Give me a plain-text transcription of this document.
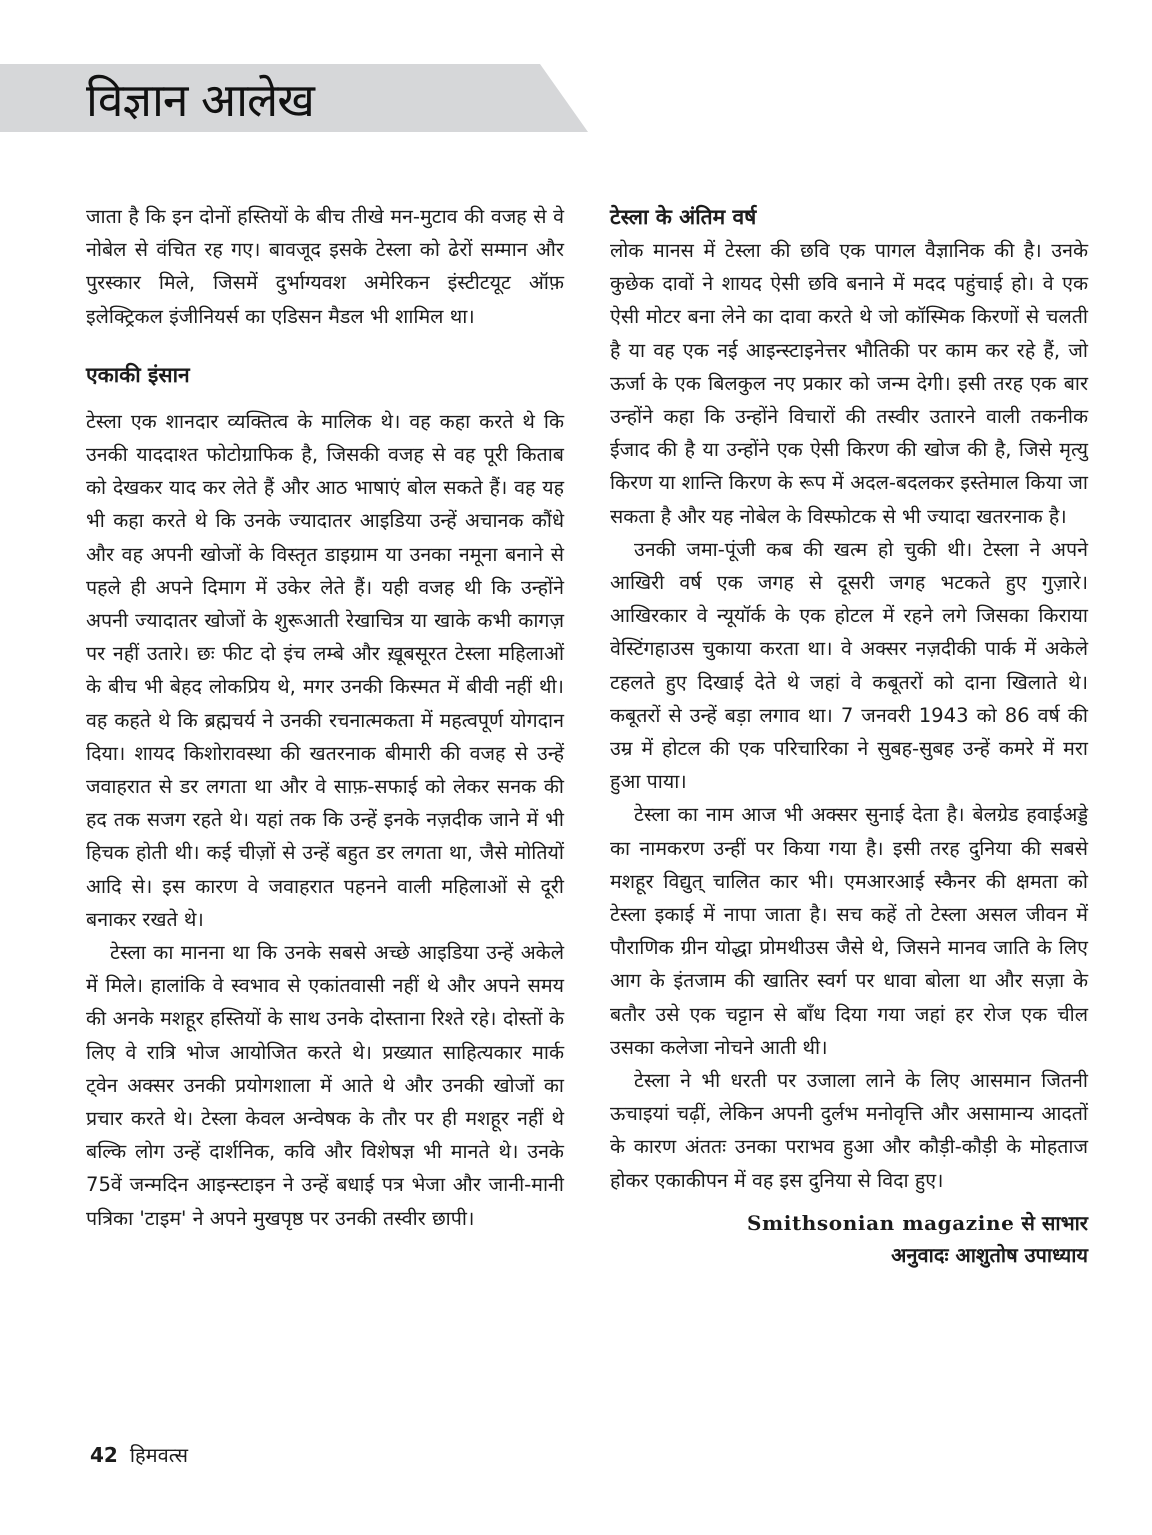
विज्ञान आलेख

जाता है कि इन दोनों हस्तियों के बीच तीखे मन-मुटाव की वजह से वे नोबेल से वंचित रह गए। बावजूद इसके टेस्ला को ढेरों सम्मान और पुरस्कार मिले, जिसमें दुर्भाग्यवश अमेरिकन इंस्टीटयूट ऑफ़ इलेक्ट्रिकल इंजीनियर्स का एडिसन मैडल भी शामिल था।

एकाकी इंसान

टेस्ला एक शानदार व्यक्तित्व के मालिक थे। वह कहा करते थे कि उनकी याददाश्त फोटोग्राफिक है, जिसकी वजह से वह पूरी किताब को देखकर याद कर लेते हैं और आठ भाषाएं बोल सकते हैं। वह यह भी कहा करते थे कि उनके ज्यादातर आइडिया उन्हें अचानक कौंधे और वह अपनी खोजों के विस्तृत डाइग्राम या उनका नमूना बनाने से पहले ही अपने दिमाग में उकेर लेते हैं। यही वजह थी कि उन्होंने अपनी ज्यादातर खोजों के शुरूआती रेखाचित्र या खाके कभी कागज़ पर नहीं उतारे। छः फीट दो इंच लम्बे और ख़ूबसूरत टेस्ला महिलाओं के बीच भी बेहद लोकप्रिय थे, मगर उनकी किस्मत में बीवी नहीं थी। वह कहते थे कि ब्रह्मचर्य ने उनकी रचनात्मकता में महत्वपूर्ण योगदान दिया। शायद किशोरावस्था की खतरनाक बीमारी की वजह से उन्हें जवाहरात से डर लगता था और वे साफ़-सफाई को लेकर सनक की हद तक सजग रहते थे। यहां तक कि उन्हें इनके नज़दीक जाने में भी हिचक होती थी। कई चीज़ों से उन्हें बहुत डर लगता था, जैसे मोतियों आदि से। इस कारण वे जवाहरात पहनने वाली महिलाओं से दूरी बनाकर रखते थे।

टेस्ला का मानना था कि उनके सबसे अच्छे आइडिया उन्हें अकेले में मिले। हालांकि वे स्वभाव से एकांतवासी नहीं थे और अपने समय की अनके मशहूर हस्तियों के साथ उनके दोस्ताना रिश्ते रहे। दोस्तों के लिए वे रात्रि भोज आयोजित करते थे। प्रख्यात साहित्यकार मार्क ट्वेन अक्सर उनकी प्रयोगशाला में आते थे और उनकी खोजों का प्रचार करते थे। टेस्ला केवल अन्वेषक के तौर पर ही मशहूर नहीं थे बल्कि लोग उन्हें दार्शनिक, कवि और विशेषज्ञ भी मानते थे। उनके 75वें जन्मदिन आइन्स्टाइन ने उन्हें बधाई पत्र भेजा और जानी-मानी पत्रिका 'टाइम' ने अपने मुखपृष्ठ पर उनकी तस्वीर छापी।

टेस्ला के अंतिम वर्ष

लोक मानस में टेस्ला की छवि एक पागल वैज्ञानिक की है। उनके कुछेक दावों ने शायद ऐसी छवि बनाने में मदद पहुंचाई हो। वे एक ऐसी मोटर बना लेने का दावा करते थे जो कॉस्मिक किरणों से चलती है या वह एक नई आइन्स्टाइनेत्तर भौतिकी पर काम कर रहे हैं, जो ऊर्जा के एक बिलकुल नए प्रकार को जन्म देगी। इसी तरह एक बार उन्होंने कहा कि उन्होंने विचारों की तस्वीर उतारने वाली तकनीक ईजाद की है या उन्होंने एक ऐसी किरण की खोज की है, जिसे मृत्यु किरण या शान्ति किरण के रूप में अदल-बदलकर इस्तेमाल किया जा सकता है और यह नोबेल के विस्फोटक से भी ज्यादा खतरनाक है।

उनकी जमा-पूंजी कब की खत्म हो चुकी थी। टेस्ला ने अपने आखिरी वर्ष एक जगह से दूसरी जगह भटकते हुए गुज़ारे। आखिरकार वे न्यूयॉर्क के एक होटल में रहने लगे जिसका किराया वेस्टिंगहाउस चुकाया करता था। वे अक्सर नज़दीकी पार्क में अकेले टहलते हुए दिखाई देते थे जहां वे कबूतरों को दाना खिलाते थे। कबूतरों से उन्हें बड़ा लगाव था। 7 जनवरी 1943 को 86 वर्ष की उम्र में होटल की एक परिचारिका ने सुबह-सुबह उन्हें कमरे में मरा हुआ पाया।

टेस्ला का नाम आज भी अक्सर सुनाई देता है। बेलग्रेड हवाईअड्डे का नामकरण उन्हीं पर किया गया है। इसी तरह दुनिया की सबसे मशहूर विद्युत् चालित कार भी। एमआरआई स्कैनर की क्षमता को टेस्ला इकाई में नापा जाता है। सच कहें तो टेस्ला असल जीवन में पौराणिक ग्रीन योद्धा प्रोमथीउस जैसे थे, जिसने मानव जाति के लिए आग के इंतजाम की खातिर स्वर्ग पर धावा बोला था और सज़ा के बतौर उसे एक चट्टान से बाँध दिया गया जहां हर रोज एक चील उसका कलेजा नोचने आती थी।

टेस्ला ने भी धरती पर उजाला लाने के लिए आसमान जितनी ऊचाइयां चढ़ीं, लेकिन अपनी दुर्लभ मनोवृत्ति और असामान्य आदतों के कारण अंततः उनका पराभव हुआ और कौड़ी-कौड़ी के मोहताज होकर एकाकीपन में वह इस दुनिया से विदा हुए।

Smithsonian magazine से साभार
अनुवादः आशुतोष उपाध्याय
42 हिमवत्स
